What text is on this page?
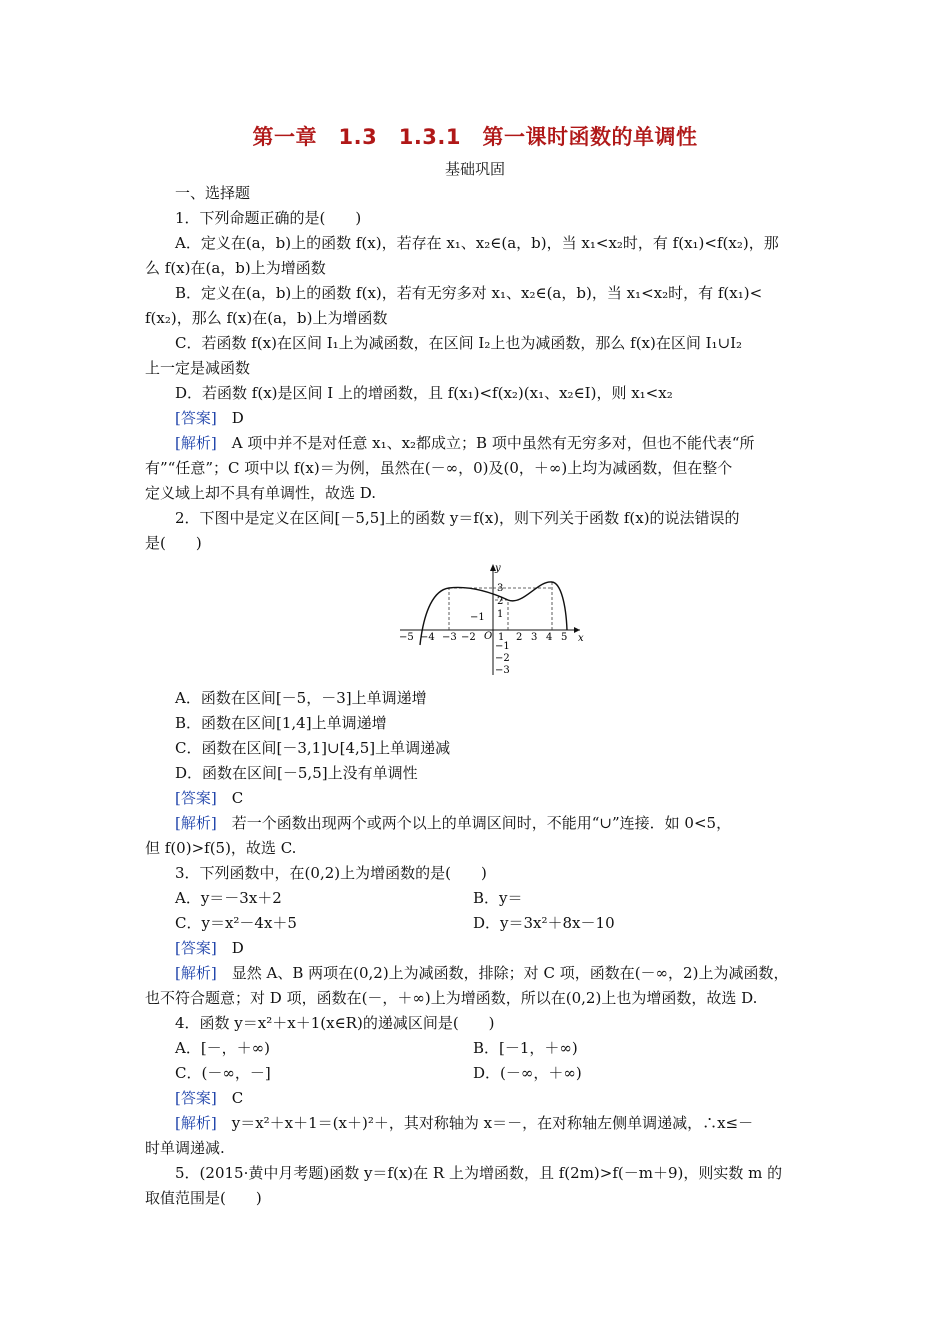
第一章　1.3　1.3.1　第一课时函数的单调性
基础巩固
一、选择题
1．下列命题正确的是(　　)
A．定义在(a，b)上的函数 f(x)，若存在 x₁、x₂∈(a，b)，当 x₁<x₂时，有 f(x₁)<f(x₂)，那
么 f(x)在(a，b)上为增函数
B．定义在(a，b)上的函数 f(x)，若有无穷多对 x₁、x₂∈(a，b)，当 x₁<x₂时，有 f(x₁)<
f(x₂)，那么 f(x)在(a，b)上为增函数
C．若函数 f(x)在区间 I₁上为减函数，在区间 I₂上也为减函数，那么 f(x)在区间 I₁∪I₂
上一定是减函数
D．若函数 f(x)是区间 I 上的增函数，且 f(x₁)<f(x₂)(x₁、x₂∈I)，则 x₁<x₂
[答案]　 D
[解析]　 A 项中并不是对任意 x₁、x₂都成立；B 项中虽然有无穷多对，但也不能代表“所
有”“任意”；C 项中以 f(x)＝为例，虽然在(－∞，0)及(0，＋∞)上均为减函数，但在整个
定义域上却不具有单调性，故选 D.
2．下图中是定义在区间[－5,5]上的函数 y＝f(x)，则下列关于函数 f(x)的说法错误的
是(　　)
y
x
O
−1
−5 −4 −3 −2 1 2 3 4 5
3
2
1
−1
−2
−3
A．函数在区间[－5，－3]上单调递增
B．函数在区间[1,4]上单调递增
C．函数在区间[－3,1]∪[4,5]上单调递减
D．函数在区间[－5,5]上没有单调性
[答案]　 C
[解析]　 若一个函数出现两个或两个以上的单调区间时，不能用“∪”连接．如 0<5，
但 f(0)>f(5)，故选 C.
3．下列函数中，在(0,2)上为增函数的是(　　)
A．y＝－3x＋2	B．y＝
C．y＝x²－4x＋5	D．y＝3x²＋8x－10
[答案]　 D
[解析]　 显然 A、B 两项在(0,2)上为减函数，排除；对 C 项，函数在(－∞，2)上为减函数，
也不符合题意；对 D 项，函数在(－，＋∞)上为增函数，所以在(0,2)上也为增函数，故选 D.
4．函数 y＝x²＋x＋1(x∈R)的递减区间是(　　)
A．[－，＋∞)	B．[－1，＋∞)
C．(－∞，－]	D．(－∞，＋∞)
[答案]　 C
[解析]　 y＝x²＋x＋1＝(x＋)²＋，其对称轴为 x＝－，在对称轴左侧单调递减，∴x≤－
时单调递减.
5．(2015·黄中月考题)函数 y＝f(x)在 R 上为增函数，且 f(2m)>f(－m＋9)，则实数 m 的
取值范围是(　　)
